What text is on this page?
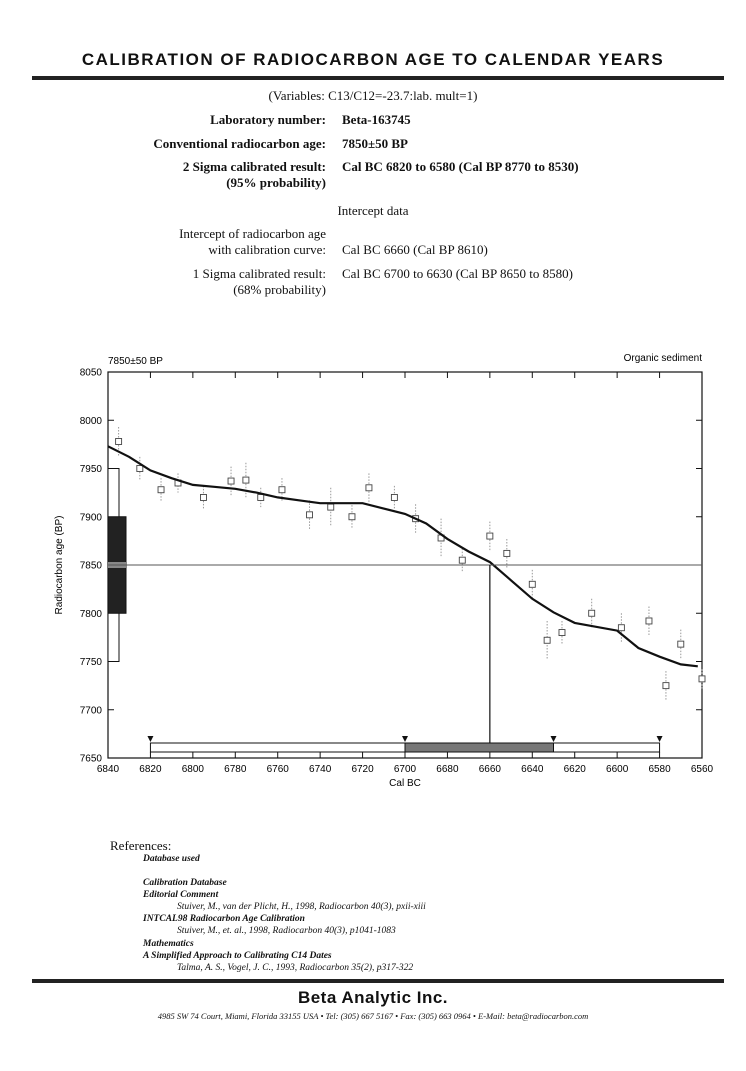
CALIBRATION OF RADIOCARBON AGE TO CALENDAR YEARS
(Variables: C13/C12=-23.7:lab. mult=1)
Laboratory number: Beta-163745
Conventional radiocarbon age: 7850±50 BP
2 Sigma calibrated result:
(95% probability)
Cal BC 6820 to 6580 (Cal BP 8770 to 8530)
Intercept data
Intercept of radiocarbon age
with calibration curve: Cal BC 6660 (Cal BP 8610)
1 Sigma calibrated result:
(68% probability)
Cal BC 6700 to 6630 (Cal BP 8650 to 8580)
7850±50 BP	Organic sediment
7650
7700
7750
7800
7850
7900
7950
8000
8050
6840 6820 6800 6780 6760 6740 6720 6700 6680 6660 6640 6620 6600 6580 6560
Cal BC
Radiocarbon age (BP)
References:
Database used
Calibration Database
Editorial Comment
Stuiver, M., van der Plicht, H., 1998, Radiocarbon 40(3), pxii-xiii
INTCAL98 Radiocarbon Age Calibration
Stuiver, M., et. al., 1998, Radiocarbon 40(3), p1041-1083
Mathematics
A Simplified Approach to Calibrating C14 Dates
Talma, A. S., Vogel, J. C., 1993, Radiocarbon 35(2), p317-322
Beta Analytic Inc.
4985 SW 74 Court, Miami, Florida 33155 USA • Tel: (305) 667 5167 • Fax: (305) 663 0964 • E-Mail: beta@radiocarbon.com
